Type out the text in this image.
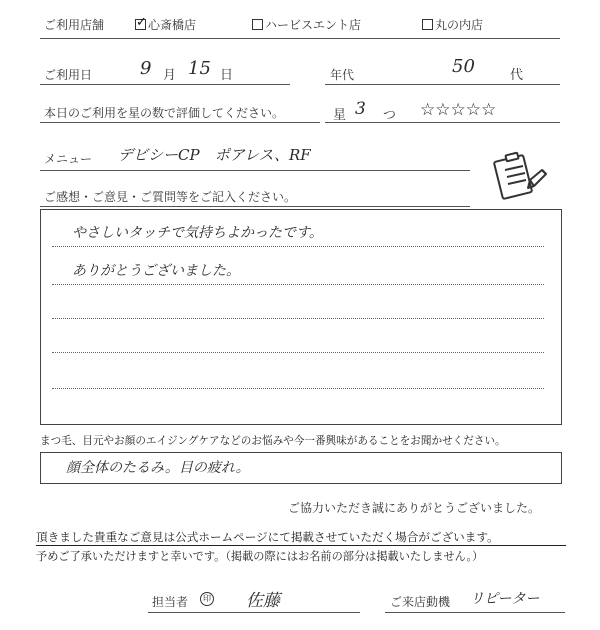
ご利用店舗
✓	心斎橋店	ハービスエント店	丸の内店
ご利用日	9 月 15 日	年代	50	代
本日のご利用を星の数で評価してください。	星 3 つ ☆☆☆☆☆
メニュー デビシーCP　ポアレス、RF
ご感想・ご意見・ご質問等をご記入ください。
やさしいタッチで気持ちよかったです。
ありがとうございました。
まつ毛、目元やお顔のエイジングケアなどのお悩みや今一番興味があることをお聞かせください。
顔全体のたるみ。目の疲れ。
ご協力いただき誠にありがとうございました。
頂きました貴重なご意見は公式ホームページにて掲載させていただく場合がございます。
予めご了承いただけますと幸いです。（掲載の際にはお名前の部分は掲載いたしません。）
担当者	印 佐藤	ご来店動機 リピーター
